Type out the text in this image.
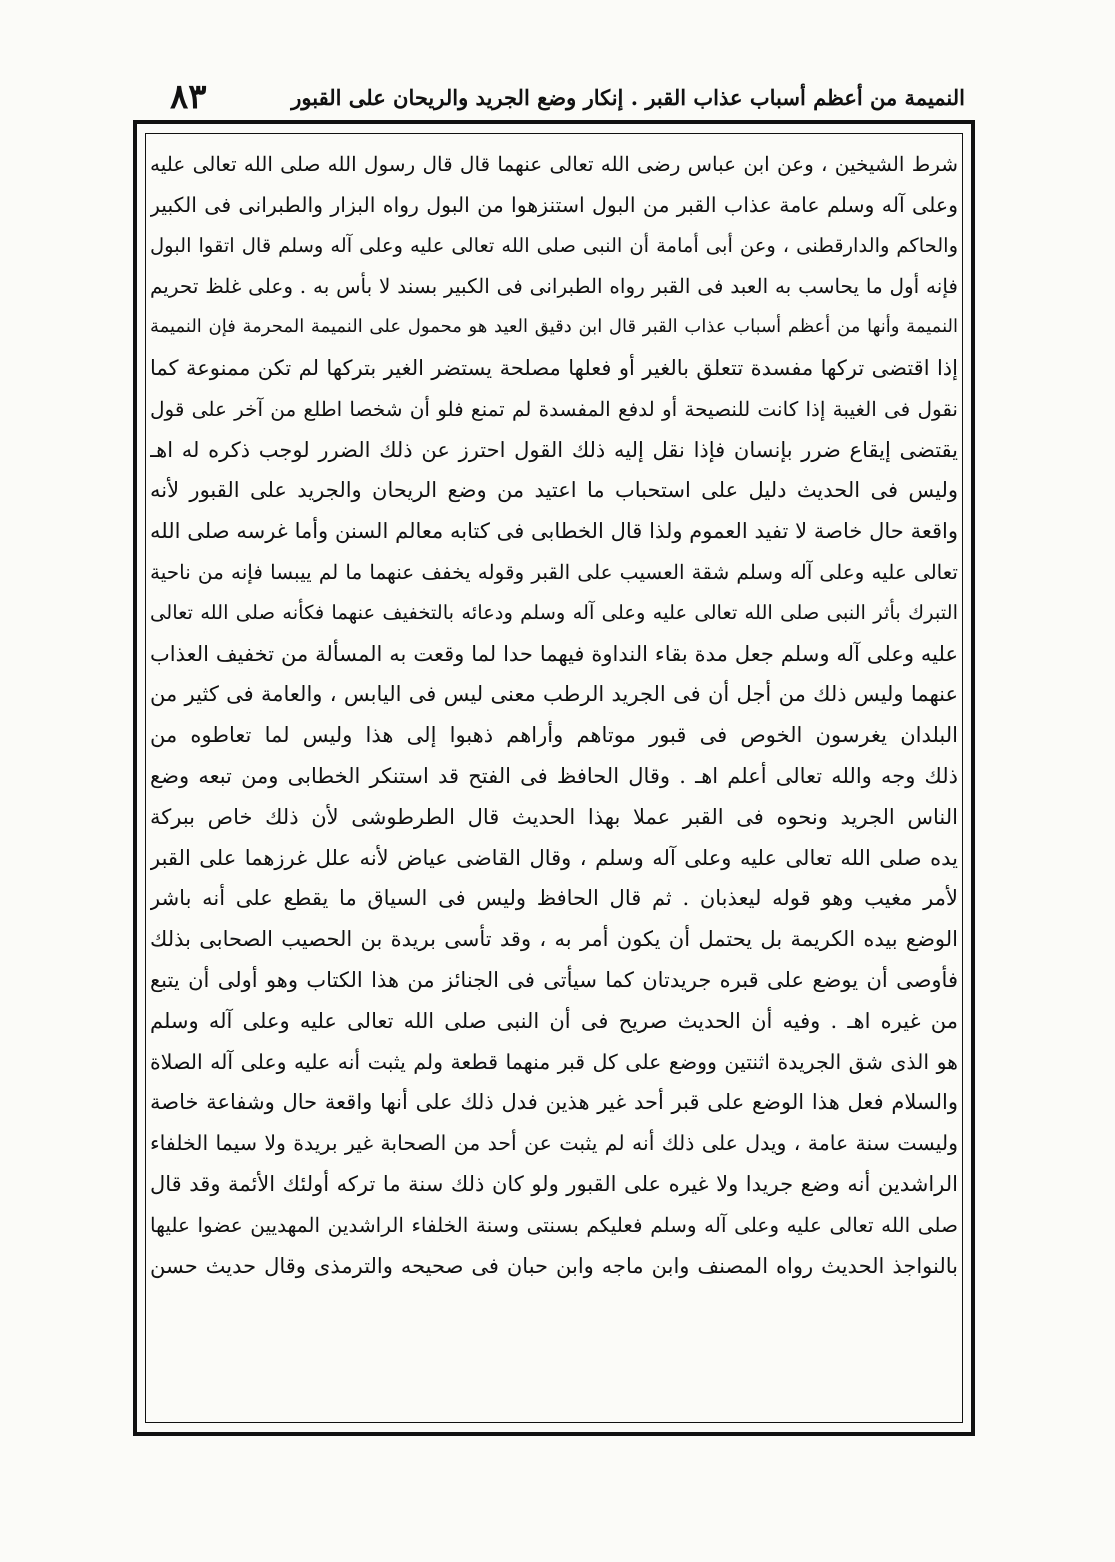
٨٣	النميمة من أعظم أسباب عذاب القبر . إنكار وضع الجريد والريحان على القبور
شرط الشيخين ، وعن ابن عباس رضى الله تعالى عنهما قال قال رسول الله صلى الله تعالى عليه
وعلى آله وسلم عامة عذاب القبر من البول استنزهوا من البول رواه البزار والطبرانى فى الكبير
والحاكم والدارقطنى ، وعن أبى أمامة أن النبى صلى الله تعالى عليه وعلى آله وسلم قال اتقوا البول
فإنه أول ما يحاسب به العبد فى القبر رواه الطبرانى فى الكبير بسند لا بأس به . وعلى غلظ تحريم
النميمة وأنها من أعظم أسباب عذاب القبر قال ابن دقيق العيد هو محمول على النميمة المحرمة فإن النميمة
إذا اقتضى تركها مفسدة تتعلق بالغير أو فعلها مصلحة يستضر الغير بتركها لم تكن ممنوعة كما
نقول فى الغيبة إذا كانت للنصيحة أو لدفع المفسدة لم تمنع فلو أن شخصا اطلع من آخر على قول
يقتضى إيقاع ضرر بإنسان فإذا نقل إليه ذلك القول احترز عن ذلك الضرر لوجب ذكره له اهـ
وليس فى الحديث دليل على استحباب ما اعتيد من وضع الريحان والجريد على القبور لأنه
واقعة حال خاصة لا تفيد العموم ولذا قال الخطابى فى كتابه معالم السنن وأما غرسه صلى الله
تعالى عليه وعلى آله وسلم شقة العسيب على القبر وقوله يخفف عنهما ما لم ييبسا فإنه من ناحية
التبرك بأثر النبى صلى الله تعالى عليه وعلى آله وسلم ودعائه بالتخفيف عنهما فكأنه صلى الله تعالى
عليه وعلى آله وسلم جعل مدة بقاء النداوة فيهما حدا لما وقعت به المسألة من تخفيف العذاب
عنهما وليس ذلك من أجل أن فى الجريد الرطب معنى ليس فى اليابس ، والعامة فى كثير من
البلدان يغرسون الخوص فى قبور موتاهم وأراهم ذهبوا إلى هذا وليس لما تعاطوه من
ذلك وجه والله تعالى أعلم اهـ . وقال الحافظ فى الفتح قد استنكر الخطابى ومن تبعه وضع
الناس الجريد ونحوه فى القبر عملا بهذا الحديث قال الطرطوشى لأن ذلك خاص ببركة
يده صلى الله تعالى عليه وعلى آله وسلم ، وقال القاضى عياض لأنه علل غرزهما على القبر
لأمر مغيب وهو قوله ليعذبان . ثم قال الحافظ وليس فى السياق ما يقطع على أنه باشر
الوضع بيده الكريمة بل يحتمل أن يكون أمر به ، وقد تأسى بريدة بن الحصيب الصحابى بذلك
فأوصى أن يوضع على قبره جريدتان كما سيأتى فى الجنائز من هذا الكتاب وهو أولى أن يتبع
من غيره اهـ . وفيه أن الحديث صريح فى أن النبى صلى الله تعالى عليه وعلى آله وسلم
هو الذى شق الجريدة اثنتين ووضع على كل قبر منهما قطعة ولم يثبت أنه عليه وعلى آله الصلاة
والسلام فعل هذا الوضع على قبر أحد غير هذين فدل ذلك على أنها واقعة حال وشفاعة خاصة
وليست سنة عامة ، ويدل على ذلك أنه لم يثبت عن أحد من الصحابة غير بريدة ولا سيما الخلفاء
الراشدين أنه وضع جريدا ولا غيره على القبور ولو كان ذلك سنة ما تركه أولئك الأئمة وقد قال
صلى الله تعالى عليه وعلى آله وسلم فعليكم بسنتى وسنة الخلفاء الراشدين المهديين عضوا عليها
بالنواجذ الحديث رواه المصنف وابن ماجه وابن حبان فى صحيحه والترمذى وقال حديث حسن
